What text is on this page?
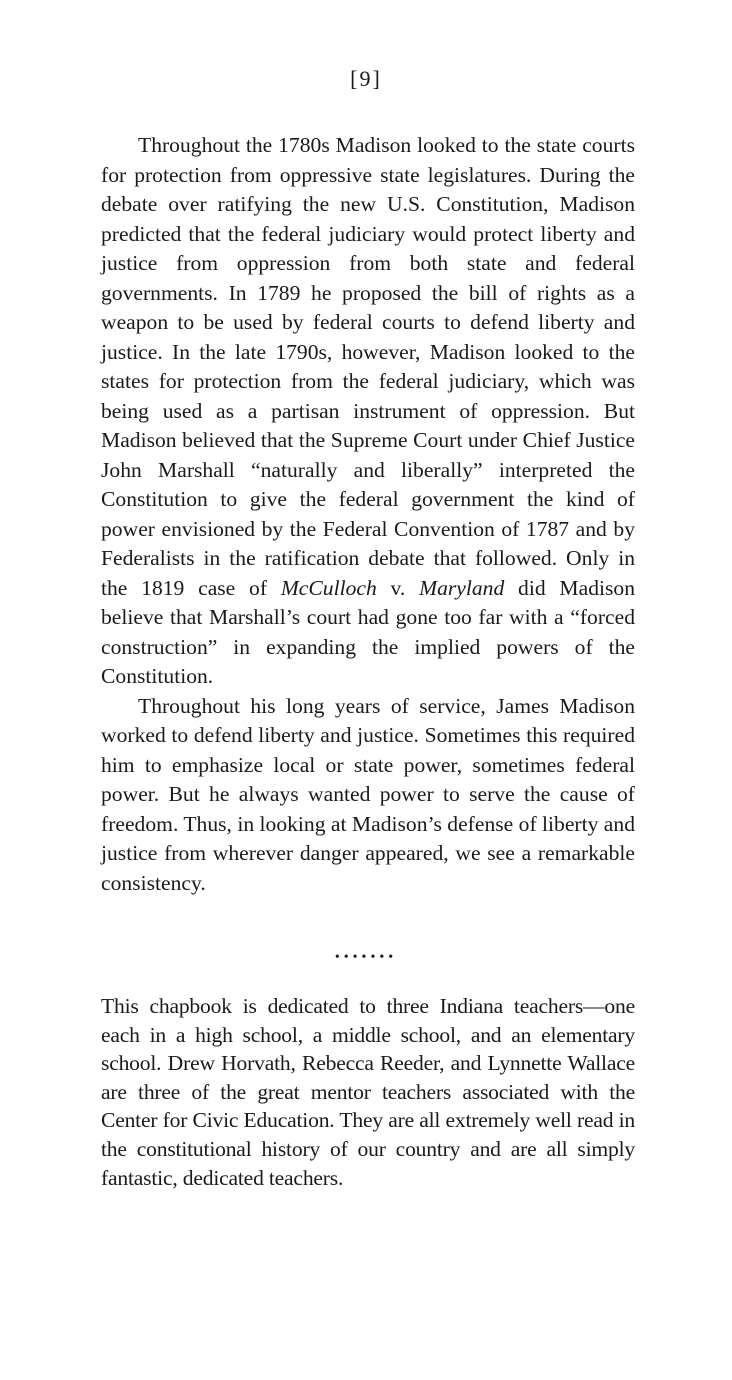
[9]

Throughout the 1780s Madison looked to the state courts for protection from oppressive state legislatures. During the debate over ratifying the new U.S. Constitution, Madison predicted that the federal judiciary would protect liberty and justice from oppression from both state and federal governments. In 1789 he proposed the bill of rights as a weapon to be used by federal courts to defend liberty and justice. In the late 1790s, however, Madison looked to the states for protection from the federal judiciary, which was being used as a partisan instrument of oppression. But Madison believed that the Supreme Court under Chief Justice John Marshall “naturally and liberally” interpreted the Constitution to give the federal government the kind of power envisioned by the Federal Convention of 1787 and by Federalists in the ratification debate that followed. Only in the 1819 case of McCulloch v. Maryland did Madison believe that Marshall’s court had gone too far with a “forced construction” in expanding the implied powers of the Constitution.

Throughout his long years of service, James Madison worked to defend liberty and justice. Sometimes this required him to emphasize local or state power, sometimes federal power. But he always wanted power to serve the cause of freedom. Thus, in looking at Madison’s defense of liberty and justice from wherever danger appeared, we see a remarkable consistency.

•••••••

This chapbook is dedicated to three Indiana teachers—one each in a high school, a middle school, and an elementary school. Drew Horvath, Rebecca Reeder, and Lynnette Wallace are three of the great mentor teachers associated with the Center for Civic Education. They are all extremely well read in the constitutional history of our country and are all simply fantastic, dedicated teachers.
